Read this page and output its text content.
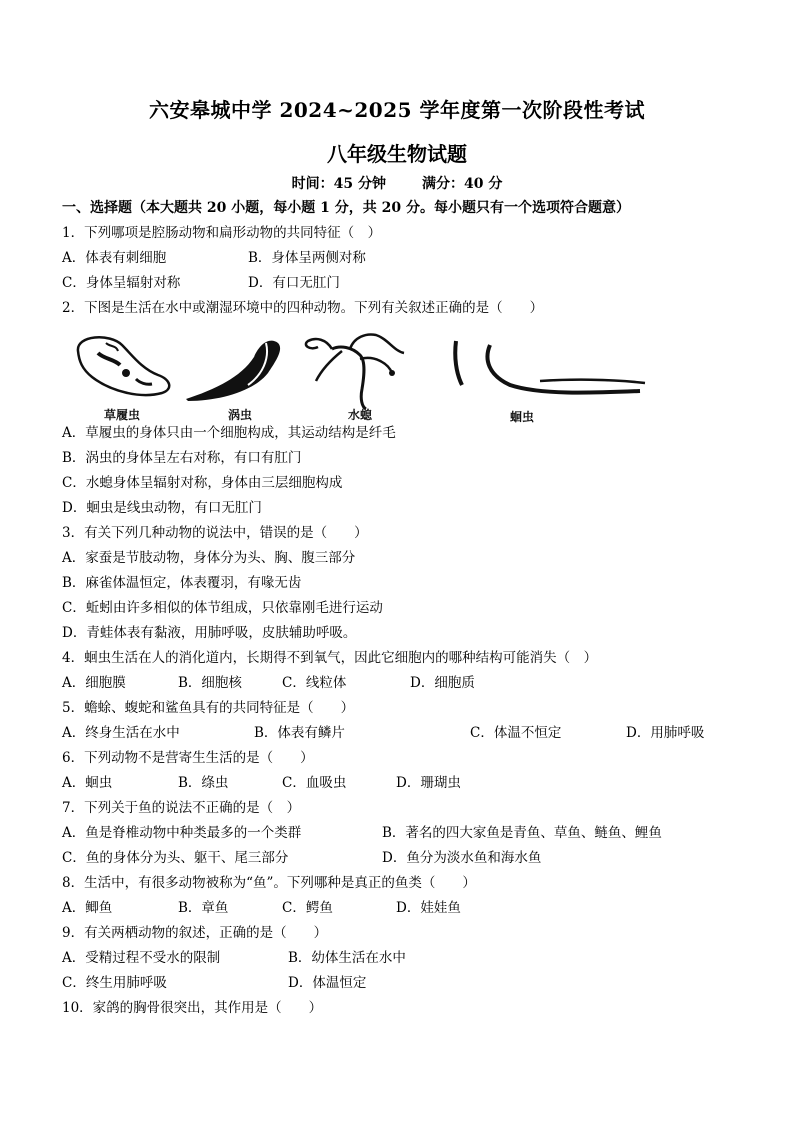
六安皋城中学 2024~2025 学年度第一次阶段性考试
八年级生物试题
时间：45 分钟	满分：40 分
一、选择题（本大题共 20 小题，每小题 1 分，共 20 分。每小题只有一个选项符合题意）
1．下列哪项是腔肠动物和扁形动物的共同特征（　）
A．体表有刺细胞	B．身体呈两侧对称
C．身体呈辐射对称	D．有口无肛门
2．下图是生活在水中或潮湿环境中的四种动物。下列有关叙述正确的是（　　）
草履虫	涡虫	水螅	蛔虫
A．草履虫的身体只由一个细胞构成，其运动结构是纤毛
B．涡虫的身体呈左右对称，有口有肛门
C．水螅身体呈辐射对称，身体由三层细胞构成
D．蛔虫是线虫动物，有口无肛门
3．有关下列几种动物的说法中，错误的是（　　）
A．家蚕是节肢动物，身体分为头、胸、腹三部分
B．麻雀体温恒定，体表覆羽，有喙无齿
C．蚯蚓由许多相似的体节组成，只依靠刚毛进行运动
D．青蛙体表有黏液，用肺呼吸，皮肤辅助呼吸。
4．蛔虫生活在人的消化道内，长期得不到氧气，因此它细胞内的哪种结构可能消失（　）
A．细胞膜	B．细胞核	C．线粒体	D．细胞质
5．蟾蜍、蝮蛇和鲨鱼具有的共同特征是（　　）
A．终身生活在水中	B．体表有鳞片	C．体温不恒定	D．用肺呼吸
6．下列动物不是营寄生生活的是（　　）
A．蛔虫	B．绦虫	C．血吸虫	D．珊瑚虫
7．下列关于鱼的说法不正确的是（　）
A．鱼是脊椎动物中种类最多的一个类群	B．著名的四大家鱼是青鱼、草鱼、鲢鱼、鲤鱼
C．鱼的身体分为头、躯干、尾三部分	D．鱼分为淡水鱼和海水鱼
8．生活中，有很多动物被称为“鱼”。下列哪种是真正的鱼类（　　）
A．鲫鱼	B．章鱼	C．鳄鱼	D．娃娃鱼
9．有关两栖动物的叙述，正确的是（　　）
A．受精过程不受水的限制	B．幼体生活在水中
C．终生用肺呼吸	D．体温恒定
10．家鸽的胸骨很突出，其作用是（　　）
